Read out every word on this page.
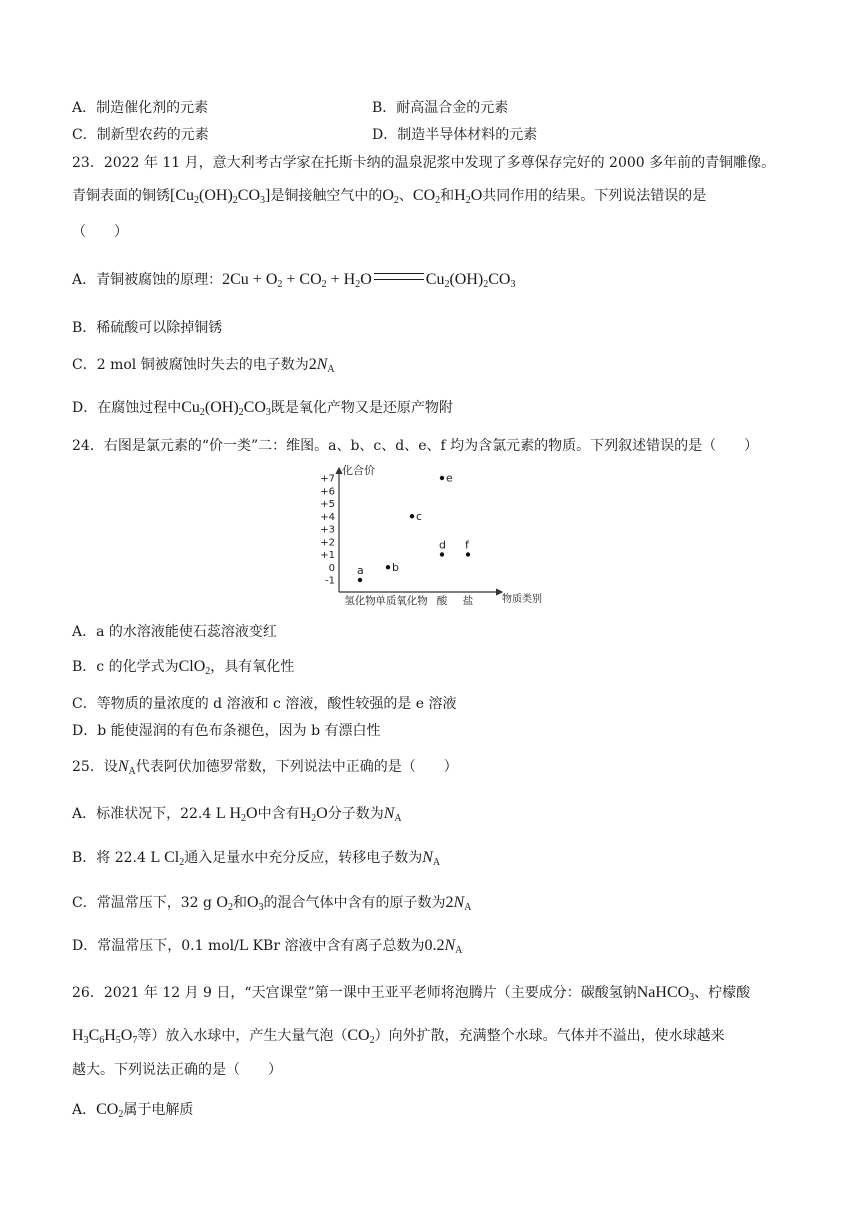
A．制造催化剂的元素	B．耐高温合金的元素
C．制新型农药的元素	D．制造半导体材料的元素
23．2022 年 11 月，意大利考古学家在托斯卡纳的温泉泥浆中发现了多尊保存完好的 2000 多年前的青铜雕像。
青铜表面的铜锈$[Cu_2(OH)_2CO_3]$是铜接触空气中的$O_2$、$CO_2$和$H_2O$共同作用的结果。下列说法错误的是
（　　）
A．青铜被腐蚀的原理：$2Cu + O_2 + CO_2 + H_2O$	$Cu_2(OH)_2CO_3$
B．稀硫酸可以除掉铜锈
C．2 mol 铜被腐蚀时失去的电子数为$2N_A$
D．在腐蚀过程中$Cu_2(OH)_2CO_3$既是氧化产物又是还原产物附
24．右图是氯元素的“价一类”二：维图。a、b、c、d、e、f 均为含氯元素的物质。下列叙述错误的是（　　）
化合价
物质类别
+7
+6
+5
+4
+3
+2
+1
0
-1
氢化物 单质 氧化物 酸 盐
a	b
c
d
e
f
A．a 的水溶液能使石蕊溶液变红
B．c 的化学式为ClO$_2$，具有氧化性
C．等物质的量浓度的 d 溶液和 c 溶液，酸性较强的是 e 溶液
D．b 能使湿润的有色布条褪色，因为 b 有漂白性
25．设$N_A$代表阿伏加德罗常数，下列说法中正确的是（　　）
A．标准状况下，22.4 L $H_2O$中含有$H_2O$分子数为$N_A$
B．将 22.4 L $Cl_2$通入足量水中充分反应，转移电子数为$N_A$
C．常温常压下，32 g $O_2$和$O_3$的混合气体中含有的原子数为$2N_A$
D．常温常压下，0.1 mol/L KBr 溶液中含有离子总数为$0.2N_A$
26．2021 年 12 月 9 日，“天宫课堂”第一课中王亚平老师将泡腾片（主要成分：碳酸氢钠NaHCO$_3$、柠檬酸
$H_3C_6H_5O_7$等）放入水球中，产生大量气泡$(CO_2)$向外扩散，充满整个水球。气体并不溢出，使水球越来
越大。下列说法正确的是（　　）
A．$CO_2$属于电解质
